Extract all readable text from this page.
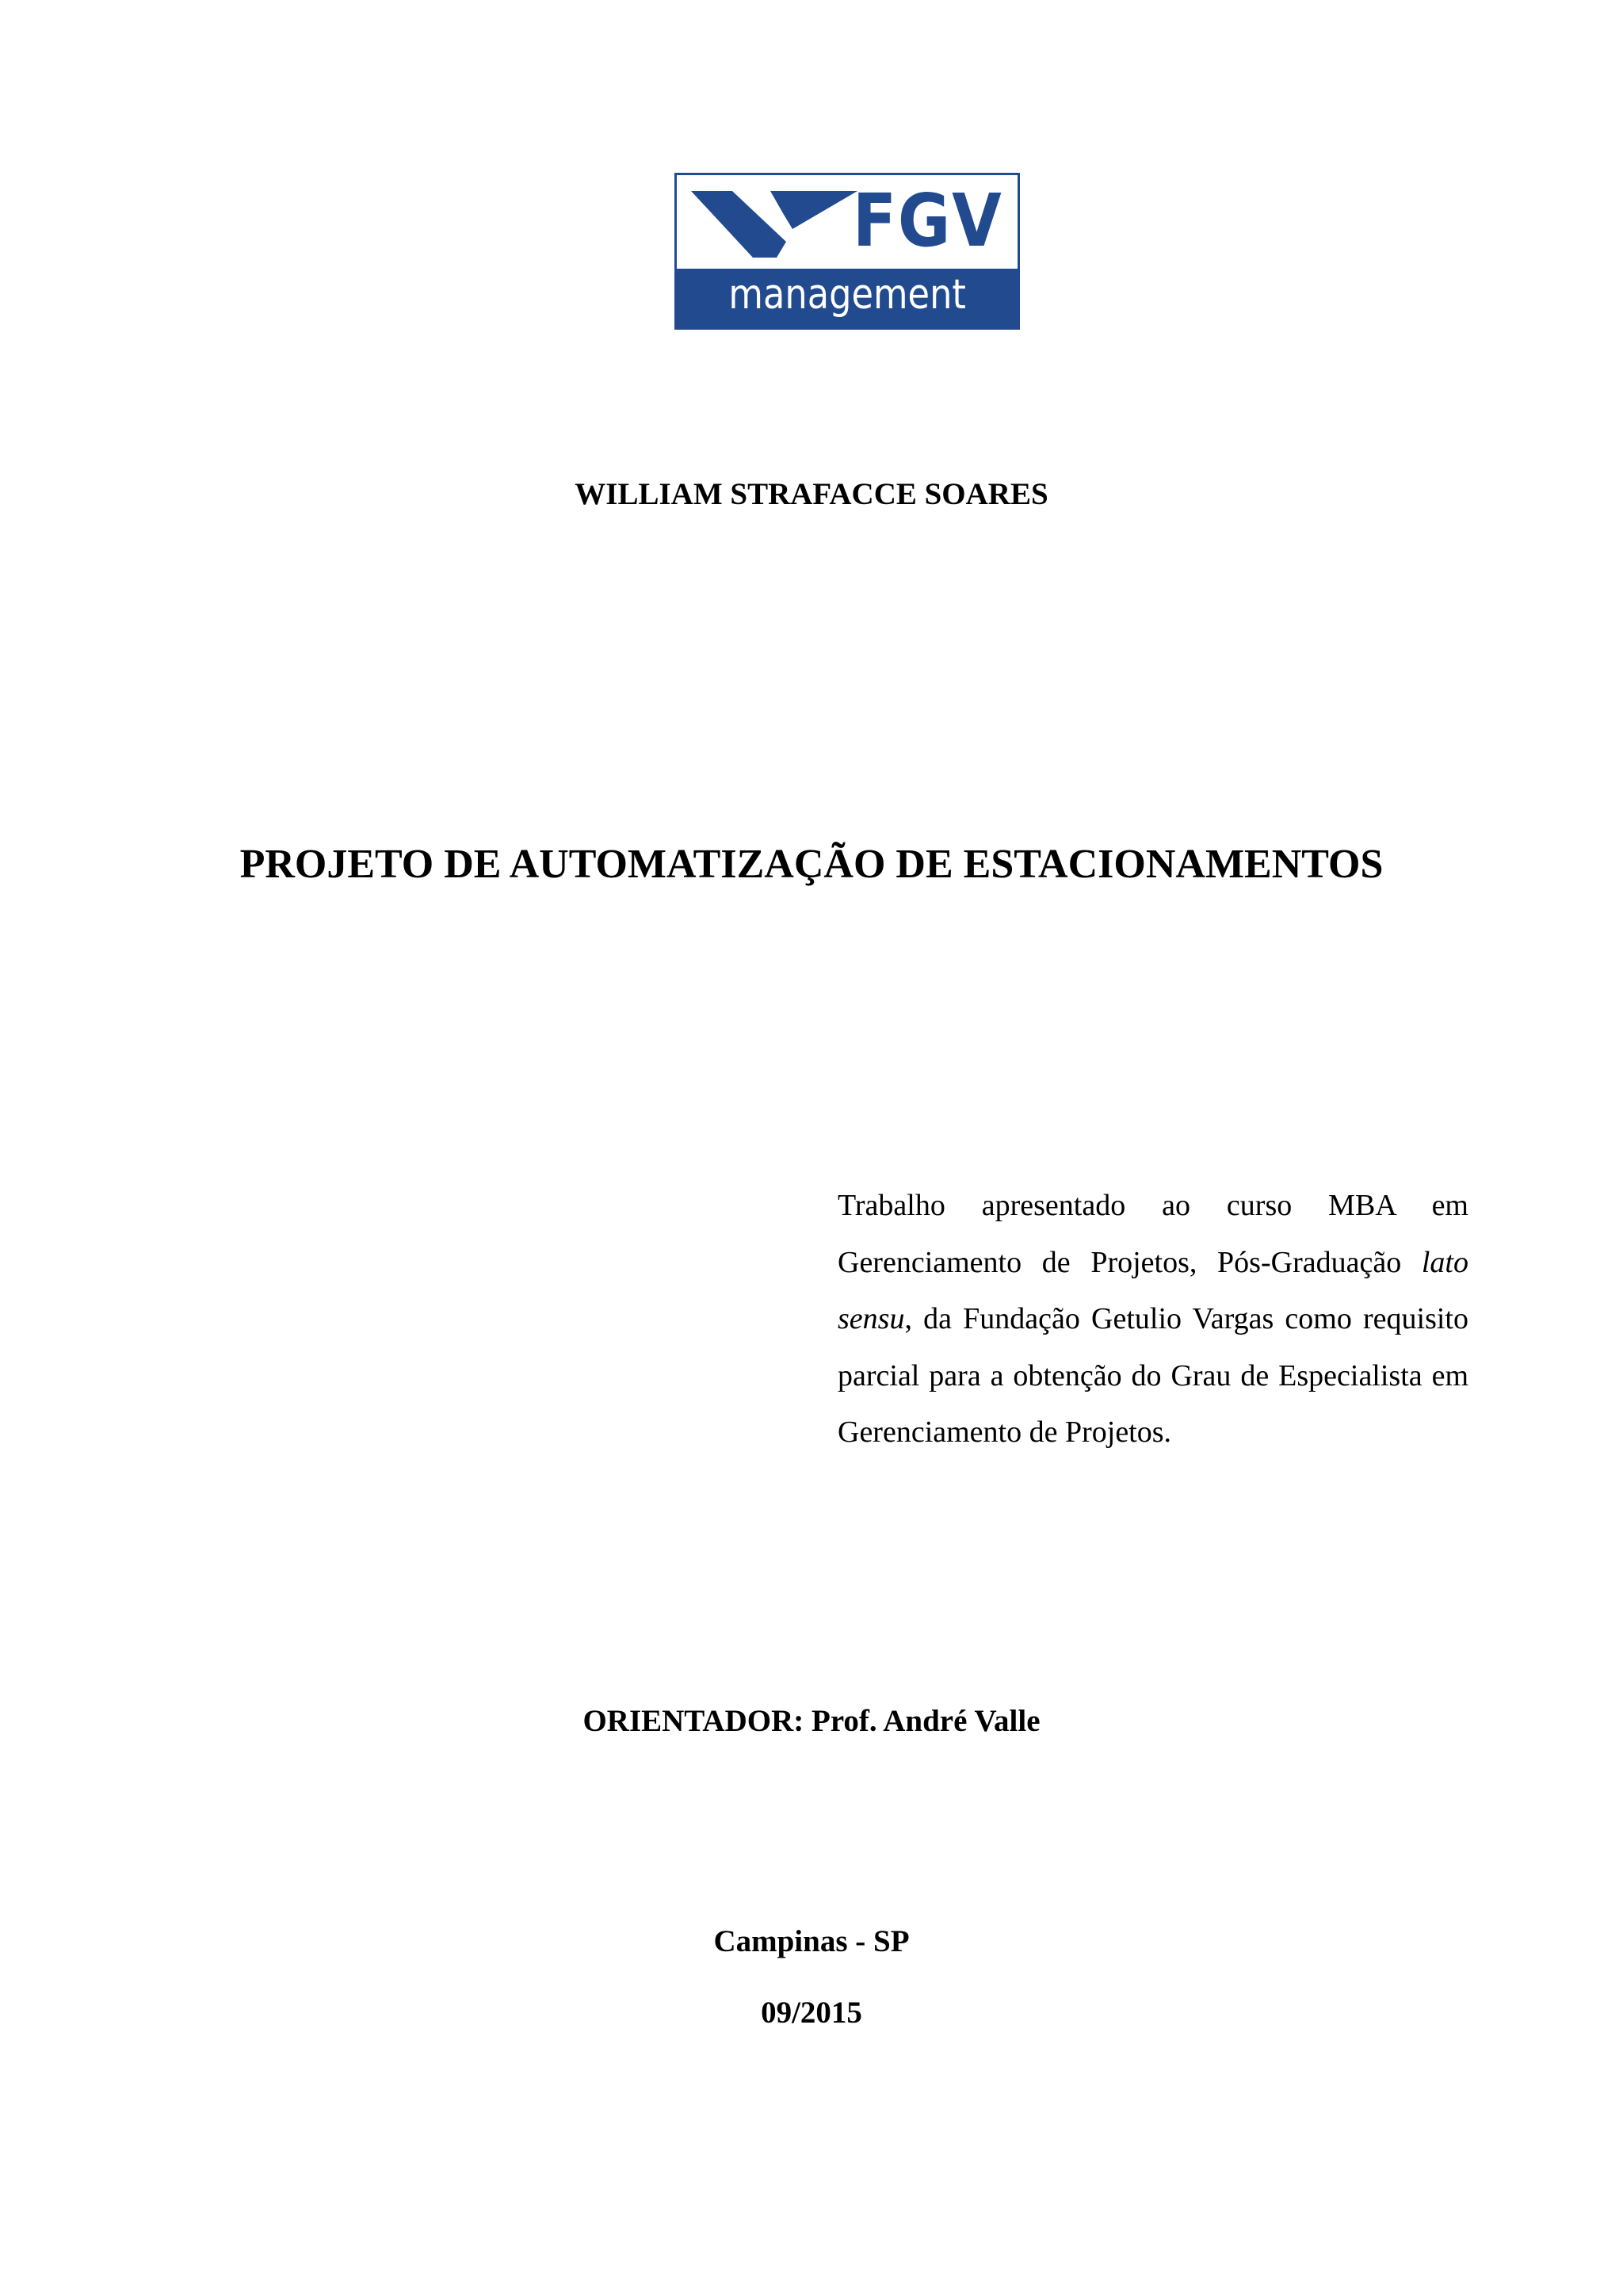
FGV
management
WILLIAM STRAFACCE SOARES
PROJETO DE AUTOMATIZAÇÃO DE ESTACIONAMENTOS
Trabalho apresentado ao curso MBA em Gerenciamento de Projetos, Pós-Graduação lato sensu, da Fundação Getulio Vargas como requisito parcial para a obtenção do Grau de Especialista em Gerenciamento de Projetos.
ORIENTADOR: Prof. André Valle
Campinas - SP
09/2015
